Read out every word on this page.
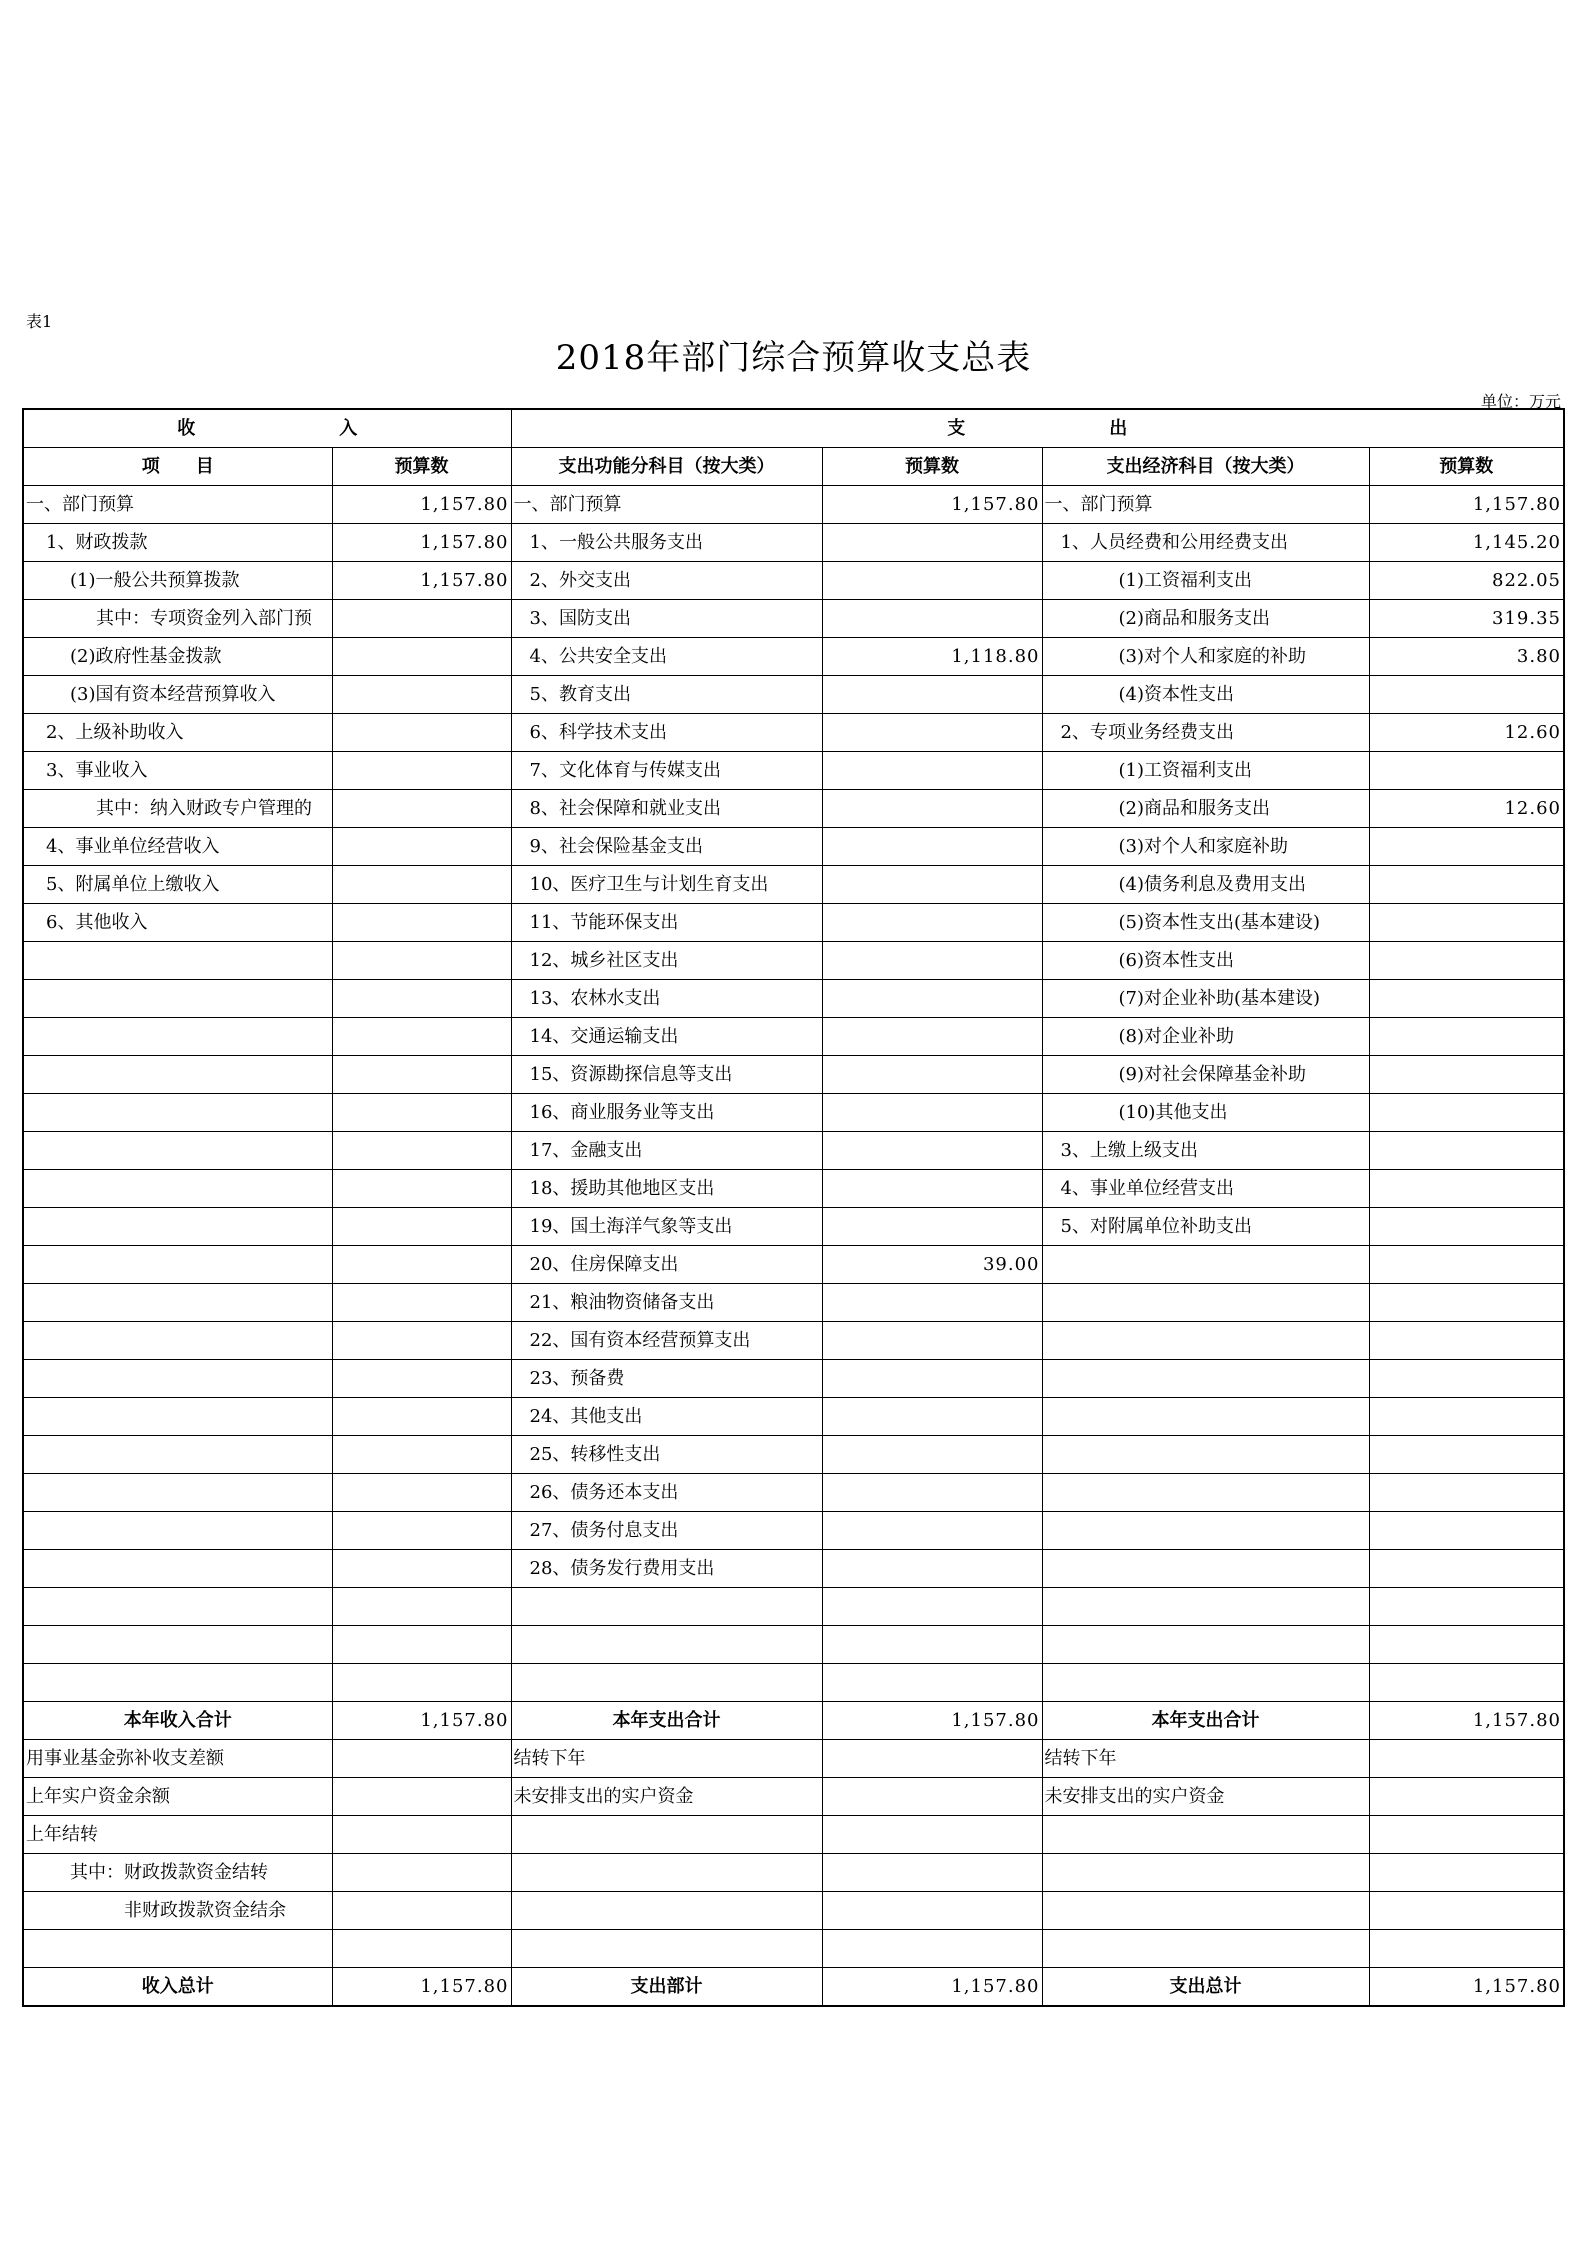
表1
2018年部门综合预算收支总表
单位：万元
收　　　　　　　　入		支　　　　　　　　出			
项　　目	预算数	支出功能分科目（按大类）	预算数	支出经济科目（按大类）	预算数
一、部门预算	1,157.80	一、部门预算	1,157.80	一、部门预算	1,157.80
1、财政拨款	1,157.80	1、一般公共服务支出		1、人员经费和公用经费支出	1,145.20
(1)一般公共预算拨款	1,157.80	2、外交支出		(1)工资福利支出	822.05
其中：专项资金列入部门预		3、国防支出		(2)商品和服务支出	319.35
(2)政府性基金拨款		4、公共安全支出	1,118.80	(3)对个人和家庭的补助	3.80
(3)国有资本经营预算收入		5、教育支出		(4)资本性支出	
2、上级补助收入		6、科学技术支出		2、专项业务经费支出	12.60
3、事业收入		7、文化体育与传媒支出		(1)工资福利支出	
其中：纳入财政专户管理的		8、社会保障和就业支出		(2)商品和服务支出	12.60
4、事业单位经营收入		9、社会保险基金支出		(3)对个人和家庭补助	
5、附属单位上缴收入		10、医疗卫生与计划生育支出		(4)债务利息及费用支出	
6、其他收入		11、节能环保支出		(5)资本性支出(基本建设)	
		12、城乡社区支出		(6)资本性支出	
		13、农林水支出		(7)对企业补助(基本建设)	
		14、交通运输支出		(8)对企业补助	
		15、资源勘探信息等支出		(9)对社会保障基金补助	
		16、商业服务业等支出		(10)其他支出	
		17、金融支出		3、上缴上级支出	
		18、援助其他地区支出		4、事业单位经营支出	
		19、国土海洋气象等支出		5、对附属单位补助支出	
		20、住房保障支出	39.00		
		21、粮油物资储备支出			
		22、国有资本经营预算支出			
		23、预备费			
		24、其他支出			
		25、转移性支出			
		26、债务还本支出			
		27、债务付息支出			
		28、债务发行费用支出			

本年收入合计	1,157.80	本年支出合计	1,157.80	本年支出合计	1,157.80
用事业基金弥补收支差额		结转下年		结转下年	
上年实户资金余额		未安排支出的实户资金		未安排支出的实户资金	
上年结转					
其中：财政拨款资金结转					
非财政拨款资金结余					

收入总计	1,157.80	支出部计	1,157.80	支出总计	1,157.80
